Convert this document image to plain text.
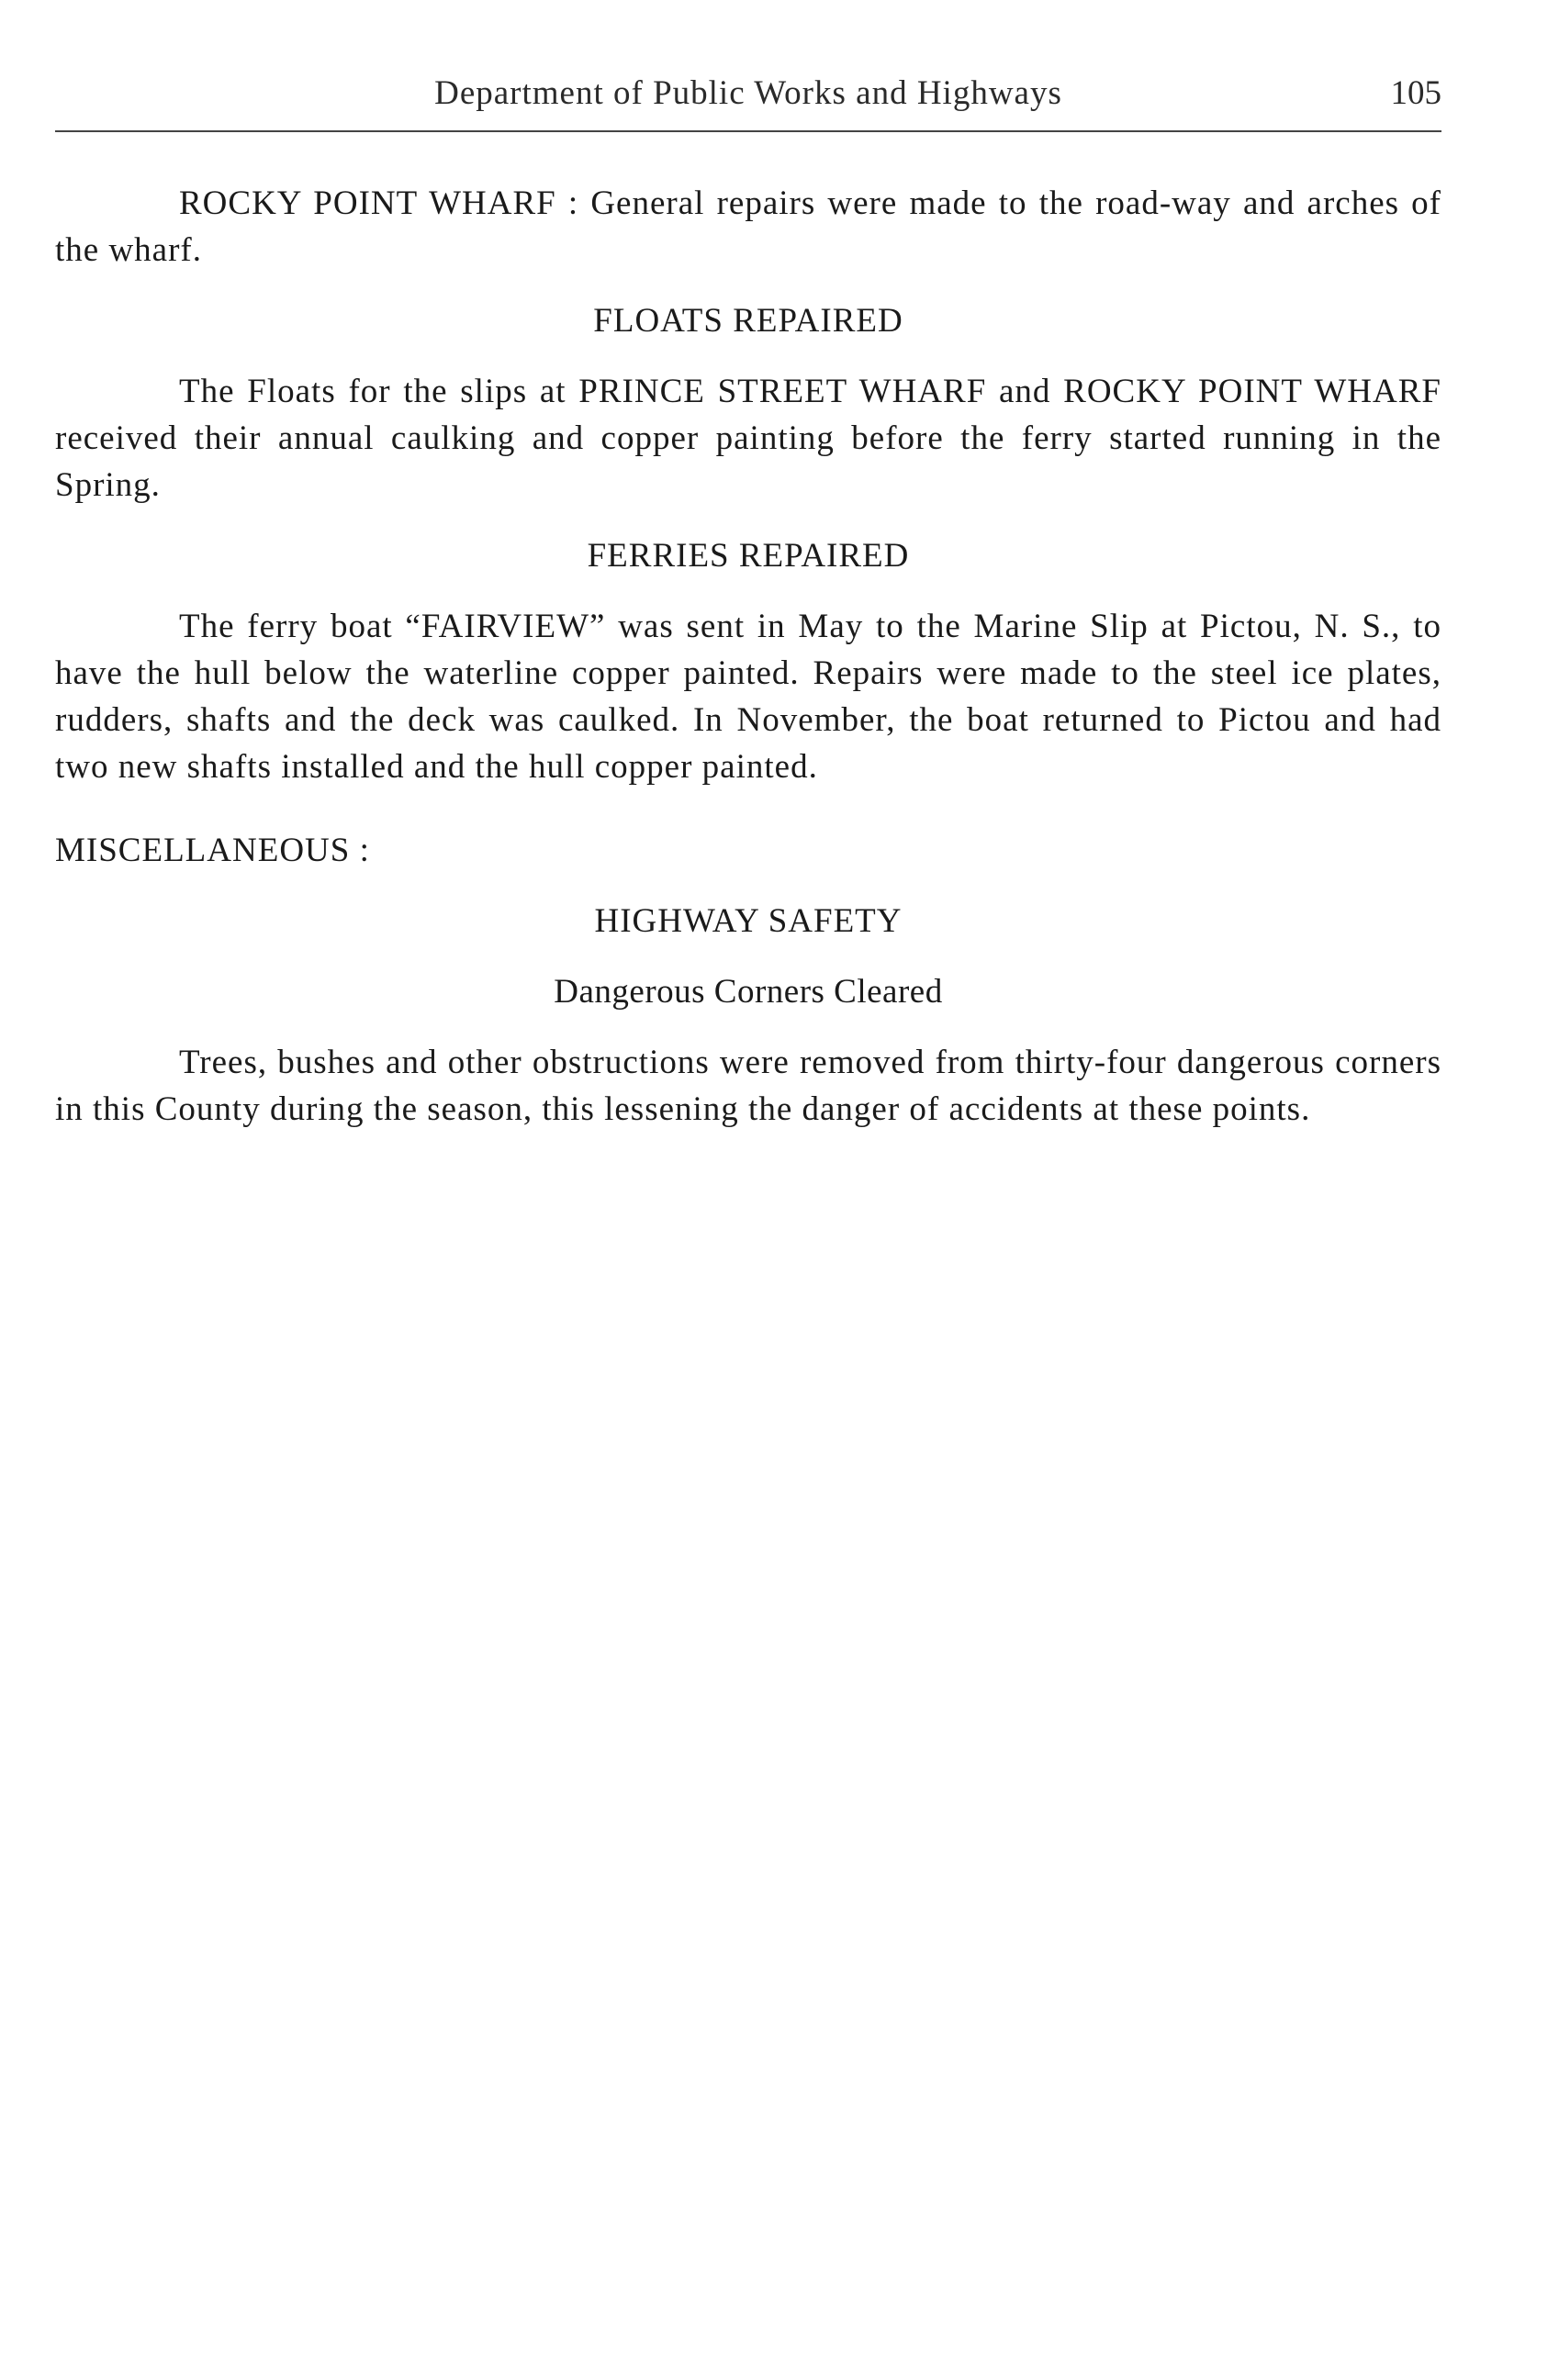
Department of Public Works and Highways	105

ROCKY POINT WHARF : General repairs were made to the road-way and arches of the wharf.

FLOATS REPAIRED

The Floats for the slips at PRINCE STREET WHARF and ROCKY POINT WHARF received their annual caulking and copper painting before the ferry started running in the Spring.

FERRIES REPAIRED

The ferry boat “FAIRVIEW” was sent in May to the Marine Slip at Pictou, N. S., to have the hull below the waterline copper painted. Repairs were made to the steel ice plates, rudders, shafts and the deck was caulked. In November, the boat returned to Pictou and had two new shafts installed and the hull copper painted.

MISCELLANEOUS :

HIGHWAY SAFETY
Dangerous Corners Cleared

Trees, bushes and other obstructions were removed from thirty-four dangerous corners in this County during the season, this lessening the danger of accidents at these points.
